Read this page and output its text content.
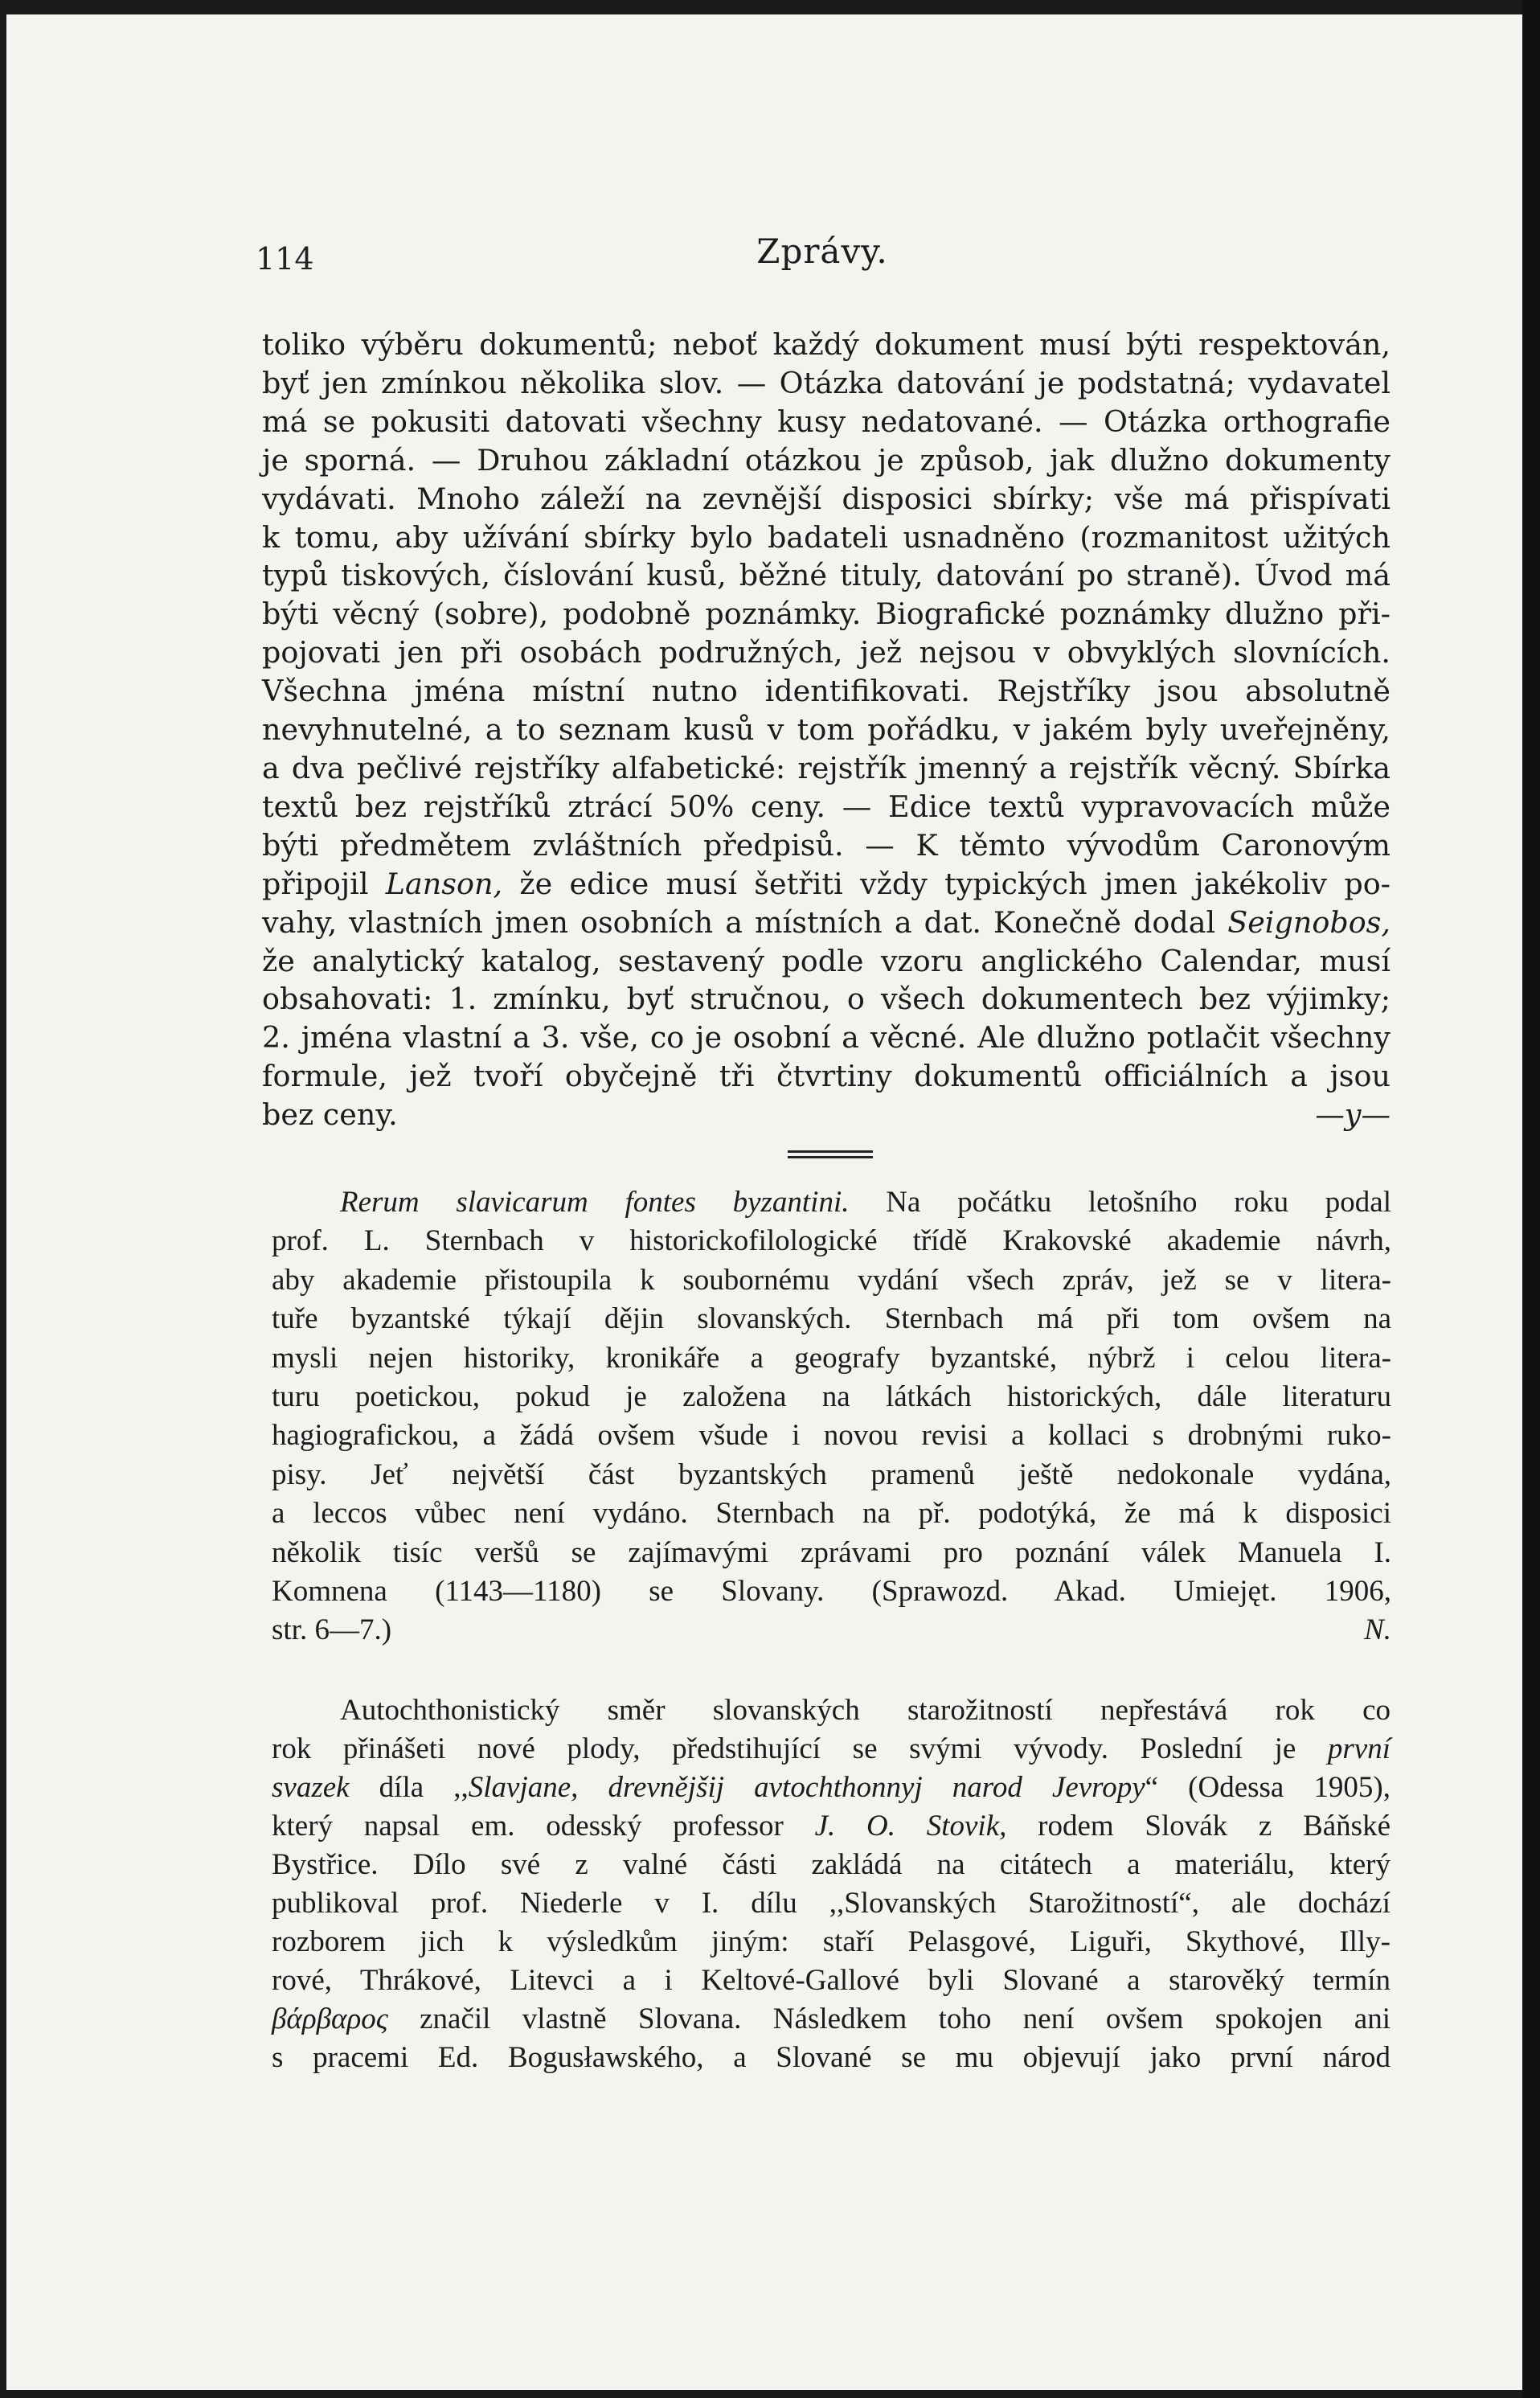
114	Zprávy.
toliko výběru dokumentů; neboť každý dokument musí býti respektován,
byť jen zmínkou několika slov. — Otázka datování je podstatná; vydavatel
má se pokusiti datovati všechny kusy nedatované. — Otázka orthografie
je sporná. — Druhou základní otázkou je způsob, jak dlužno dokumenty
vydávati. Mnoho záleží na zevnější disposici sbírky; vše má přispívati
k tomu, aby užívání sbírky bylo badateli usnadněno (rozmanitost užitých
typů tiskových, číslování kusů, běžné tituly, datování po straně). Úvod má
býti věcný (sobre), podobně poznámky. Biografické poznámky dlužno při-
pojovati jen při osobách podružných, jež nejsou v obvyklých slovnících.
Všechna jména místní nutno identifikovati. Rejstříky jsou absolutně
nevyhnutelné, a to seznam kusů v tom pořádku, v jakém byly uveřejněny,
a dva pečlivé rejstříky alfabetické: rejstřík jmenný a rejstřík věcný. Sbírka
textů bez rejstříků ztrácí 50% ceny. — Edice textů vypravovacích může
býti předmětem zvláštních předpisů. — K těmto vývodům Caronovým
připojil Lanson, že edice musí šetřiti vždy typických jmen jakékoliv po-
vahy, vlastních jmen osobních a místních a dat. Konečně dodal Seignobos,
že analytický katalog, sestavený podle vzoru anglického Calendar, musí
obsahovati: 1. zmínku, byť stručnou, o všech dokumentech bez výjimky;
2. jména vlastní a 3. vše, co je osobní a věcné. Ale dlužno potlačit všechny
formule, jež tvoří obyčejně tři čtvrtiny dokumentů officiálních a jsou
bez ceny.	—y—
Rerum slavicarum fontes byzantini. Na počátku letošního roku podal
prof. L. Sternbach v historickofilologické třídě Krakovské akademie návrh,
aby akademie přistoupila k soubornému vydání všech zpráv, jež se v litera-
tuře byzantské týkají dějin slovanských. Sternbach má při tom ovšem na
mysli nejen historiky, kronikáře a geografy byzantské, nýbrž i celou litera-
turu poetickou, pokud je založena na látkách historických, dále literaturu
hagiografickou, a žádá ovšem všude i novou revisi a kollaci s drobnými ruko-
pisy. Jeť největší část byzantských pramenů ještě nedokonale vydána,
a leccos vůbec není vydáno. Sternbach na př. podotýká, že má k disposici
několik tisíc veršů se zajímavými zprávami pro poznání válek Manuela I.
Komnena (1143—1180) se Slovany. (Sprawozd. Akad. Umiejęt. 1906,
str. 6—7.)	N.
Autochthonistický směr slovanských starožitností nepřestává rok co
rok přinášeti nové plody, předstihující se svými vývody. Poslední je první
svazek díla ,,Slavjane, drevnějšij avtochthonnyj narod Jevropy“ (Odessa 1905),
který napsal em. odesský professor J. O. Stovik, rodem Slovák z Báňské
Bystřice. Dílo své z valné části zakládá na citátech a materiálu, který
publikoval prof. Niederle v I. dílu ,,Slovanských Starožitností“, ale dochází
rozborem jich k výsledkům jiným: staří Pelasgové, Liguři, Skythové, Illy-
rové, Thrákové, Litevci a i Keltové-Gallové byli Slované a starověký termín
βάρβαρος značil vlastně Slovana. Následkem toho není ovšem spokojen ani
s pracemi Ed. Bogusławského, a Slované se mu objevují jako první národ
